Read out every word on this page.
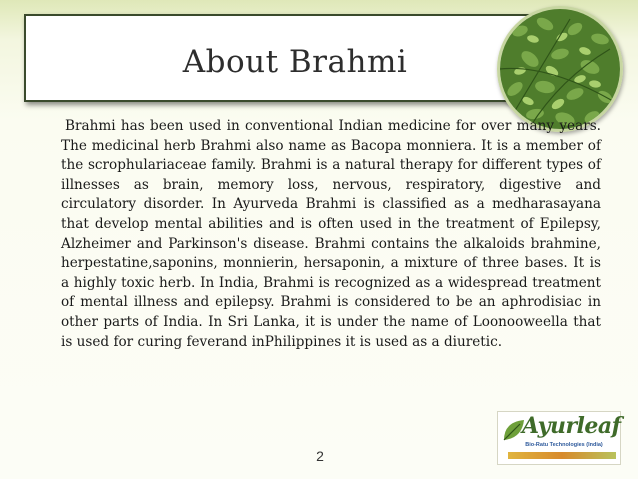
About Brahmi
Brahmi has been used in conventional Indian medicine for over many years. The medicinal herb Brahmi also name as Bacopa monniera. It is a member of the scrophulariaceae family. Brahmi is a natural therapy for different types of illnesses as brain, memory loss, nervous, respiratory, digestive and circulatory disorder. In Ayurveda Brahmi is classified as a medharasayana that develop mental abilities and is often used in the treatment of Epilepsy, Alzheimer and Parkinson's disease. Brahmi contains the alkaloids brahmine, herpestatine,saponins, monnierin, hersaponin, a mixture of three bases. It is a highly toxic herb. In India, Brahmi is recognized as a widespread treatment of mental illness and epilepsy. Brahmi is considered to be an aphrodisiac in other parts of India. In Sri Lanka, it is under the name of Loonooweella that is used for curing feverand inPhilippines it is used as a diuretic.
2
Ayurleaf
Bio-Ratu Technologies (India)
